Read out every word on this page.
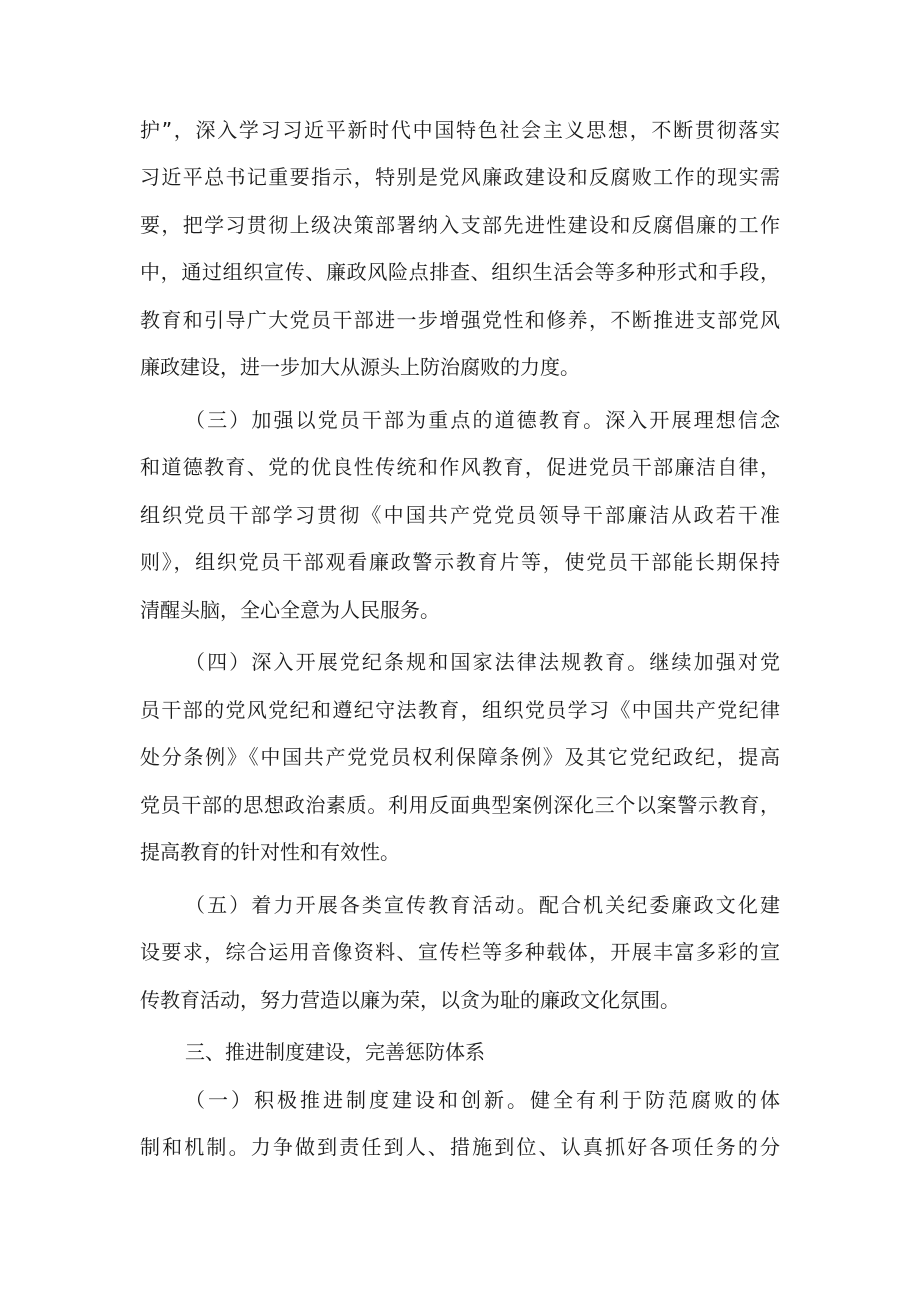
护”，深入学习习近平新时代中国特色社会主义思想，不断贯彻落实
习近平总书记重要指示，特别是党风廉政建设和反腐败工作的现实需
要，把学习贯彻上级决策部署纳入支部先进性建设和反腐倡廉的工作
中，通过组织宣传、廉政风险点排查、组织生活会等多种形式和手段，
教育和引导广大党员干部进一步增强党性和修养，不断推进支部党风
廉政建设，进一步加大从源头上防治腐败的力度。
（三）加强以党员干部为重点的道德教育。深入开展理想信念
和道德教育、党的优良性传统和作风教育，促进党员干部廉洁自律，
组织党员干部学习贯彻《中国共产党党员领导干部廉洁从政若干准
则》，组织党员干部观看廉政警示教育片等，使党员干部能长期保持
清醒头脑，全心全意为人民服务。
（四）深入开展党纪条规和国家法律法规教育。继续加强对党
员干部的党风党纪和遵纪守法教育，组织党员学习《中国共产党纪律
处分条例》《中国共产党党员权利保障条例》及其它党纪政纪，提高
党员干部的思想政治素质。利用反面典型案例深化三个以案警示教育，
提高教育的针对性和有效性。
（五）着力开展各类宣传教育活动。配合机关纪委廉政文化建
设要求，综合运用音像资料、宣传栏等多种载体，开展丰富多彩的宣
传教育活动，努力营造以廉为荣，以贪为耻的廉政文化氛围。
三、推进制度建设，完善惩防体系
（一）积极推进制度建设和创新。健全有利于防范腐败的体
制和机制。力争做到责任到人、措施到位、认真抓好各项任务的分
